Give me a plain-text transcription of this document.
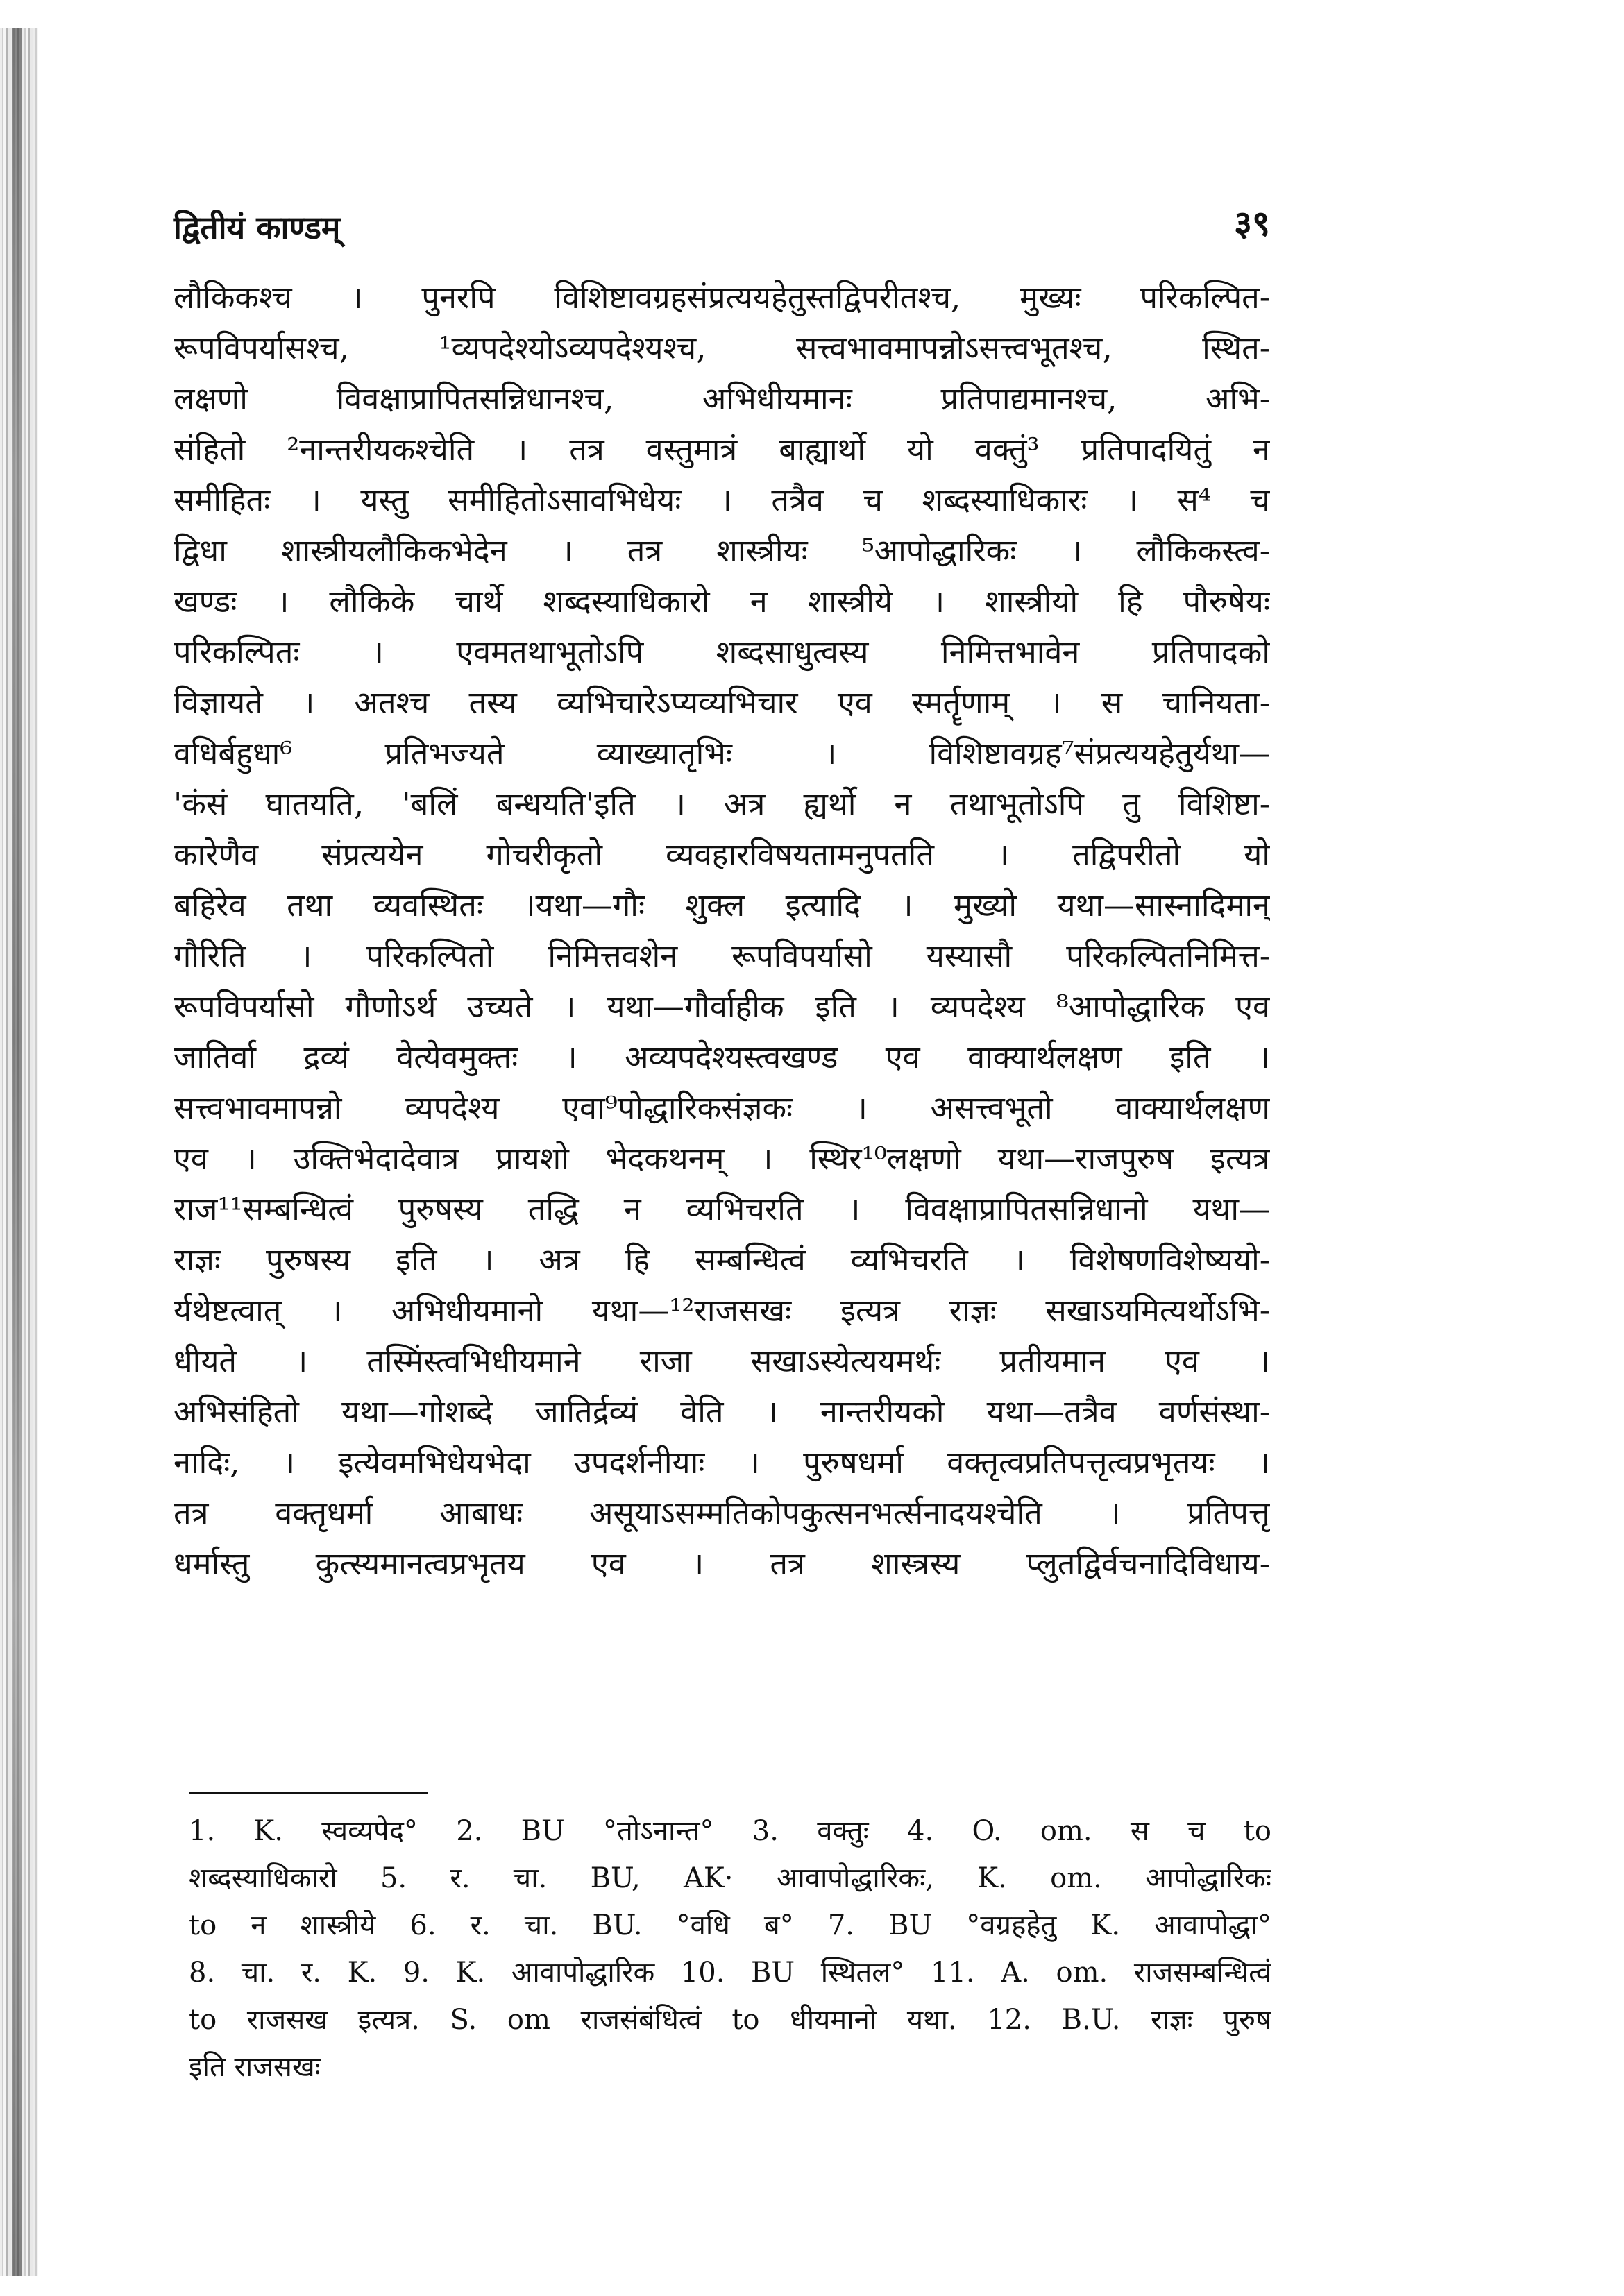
द्वितीयं काण्डम्	३९
लौकिकश्च । पुनरपि विशिष्टावग्रहसंप्रत्ययहेतुस्तद्विपरीतश्च, मुख्यः परिकल्पित-
रूपविपर्यासश्च, ¹व्यपदेश्योऽव्यपदेश्यश्च, सत्त्वभावमापन्नोऽसत्त्वभूतश्च, स्थित-
लक्षणो विवक्षाप्रापितसन्निधानश्च, अभिधीयमानः प्रतिपाद्यमानश्च, अभि-
संहितो ²नान्तरीयकश्चेति । तत्र वस्तुमात्रं बाह्यार्थो यो वक्तुं³ प्रतिपादयितुं न
समीहितः । यस्तु समीहितोऽसावभिधेयः । तत्रैव च शब्दस्याधिकारः । स⁴ च
द्विधा शास्त्रीयलौकिकभेदेन । तत्र शास्त्रीयः ⁵आपोद्धारिकः । लौकिकस्त्व-
खण्डः । लौकिके चार्थे शब्दस्याधिकारो न शास्त्रीये । शास्त्रीयो हि पौरुषेयः
परिकल्पितः । एवमतथाभूतोऽपि शब्दसाधुत्वस्य निमित्तभावेन प्रतिपादको
विज्ञायते । अतश्च तस्य व्यभिचारेऽप्यव्यभिचार एव स्मर्तॄणाम् । स चानियता-
वधिर्बहुधा⁶ प्रतिभज्यते व्याख्यातृभिः । विशिष्टावग्रह⁷संप्रत्ययहेतुर्यथा—
'कंसं घातयति, 'बलिं बन्धयति'इति । अत्र ह्यर्थो न तथाभूतोऽपि तु विशिष्टा-
कारेणैव संप्रत्ययेन गोचरीकृतो व्यवहारविषयतामनुपतति । तद्विपरीतो यो
बहिरेव तथा व्यवस्थितः ।यथा—गौः शुक्ल इत्यादि । मुख्यो यथा—सास्नादिमान्
गौरिति । परिकल्पितो निमित्तवशेन रूपविपर्यासो यस्यासौ परिकल्पितनिमित्त-
रूपविपर्यासो गौणोऽर्थ उच्यते । यथा—गौर्वाहीक इति । व्यपदेश्य ⁸आपोद्धारिक एव
जातिर्वा द्रव्यं वेत्येवमुक्तः । अव्यपदेश्यस्त्वखण्ड एव वाक्यार्थलक्षण इति ।
सत्त्वभावमापन्नो व्यपदेश्य एवा⁹पोद्धारिकसंज्ञकः । असत्त्वभूतो वाक्यार्थलक्षण
एव । उक्तिभेदादेवात्र प्रायशो भेदकथनम् । स्थिर¹⁰लक्षणो यथा—राजपुरुष इत्यत्र
राज¹¹सम्बन्धित्वं पुरुषस्य तद्धि न व्यभिचरति । विवक्षाप्रापितसन्निधानो यथा—
राज्ञः पुरुषस्य इति । अत्र हि सम्बन्धित्वं व्यभिचरति । विशेषणविशेष्ययो-
र्यथेष्टत्वात् । अभिधीयमानो यथा—¹²राजसखः इत्यत्र राज्ञः सखाऽयमित्यर्थोऽभि-
धीयते । तस्मिंस्त्वभिधीयमाने राजा सखाऽस्येत्ययमर्थः प्रतीयमान एव ।
अभिसंहितो यथा—गोशब्दे जातिर्द्रव्यं वेति । नान्तरीयको यथा—तत्रैव वर्णसंस्था-
नादिः, । इत्येवमभिधेयभेदा उपदर्शनीयाः । पुरुषधर्मा वक्तृत्वप्रतिपत्तृत्वप्रभृतयः ।
तत्र वक्तृधर्मा आबाधः असूयाऽसम्मतिकोपकुत्सनभर्त्सनादयश्चेति । प्रतिपत्तृ
धर्मास्तु कुत्स्यमानत्वप्रभृतय एव । तत्र शास्त्रस्य प्लुतद्विर्वचनादिविधाय-
1. K. स्वव्यपेद° 2. BU °तोऽनान्त° 3. वक्तुः 4. O. om. स च to
शब्दस्याधिकारो 5. र. चा. BU, AK· आवापोद्धारिकः, K. om. आपोद्धारिकः
to न शास्त्रीये 6. र. चा. BU. °वधि ब° 7. BU °वग्रहहेतु K. आवापोद्धा°
8. चा. र. K. 9. K. आवापोद्धारिक 10. BU स्थितल° 11. A. om. राजसम्बन्धित्वं
to राजसख इत्यत्र. S. om राजसंबंधित्वं to धीयमानो यथा. 12. B.U. राज्ञः पुरुष
इति राजसखः
